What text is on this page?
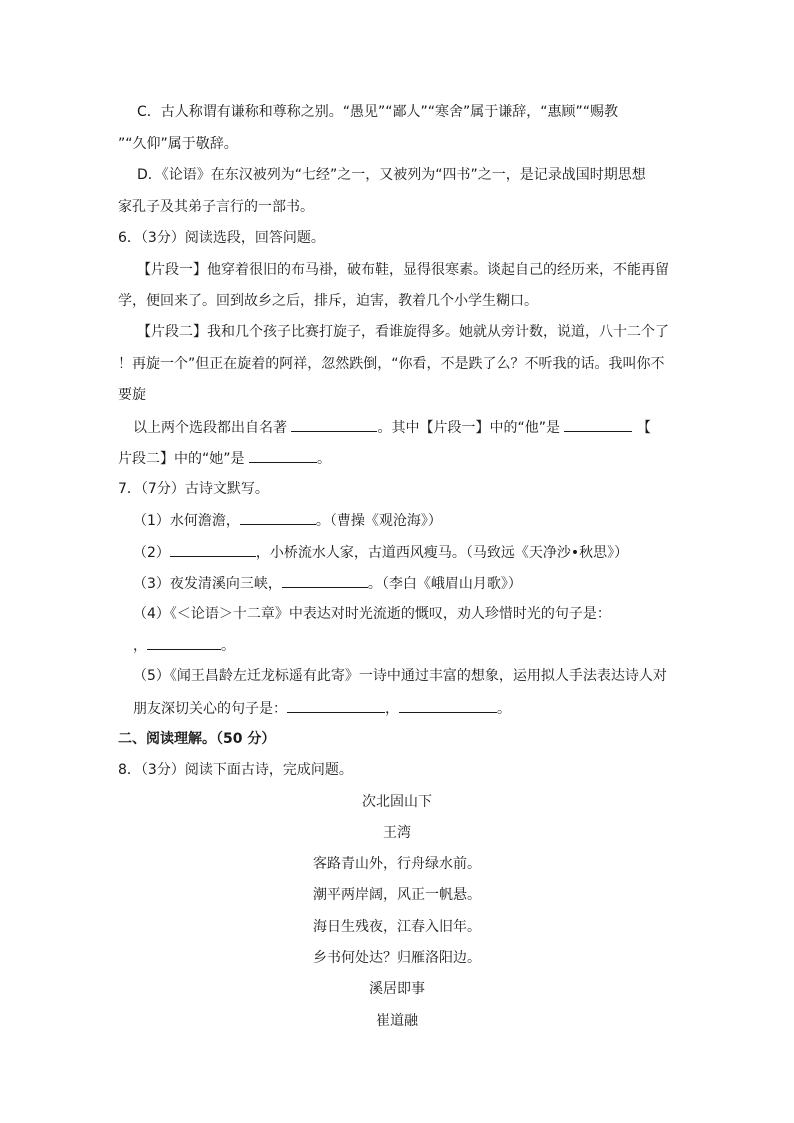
C．古人称谓有谦称和尊称之别。“愚见”“鄙人”“寒舍”属于谦辞，“惠顾”“赐教
”“久仰”属于敬辞。
D．《论语》在东汉被列为“七经”之一，又被列为“四书”之一，是记录战国时期思想
家孔子及其弟子言行的一部书。
6．（3分）阅读选段，回答问题。
【片段一】他穿着很旧的布马褂，破布鞋，显得很寒素。谈起自己的经历来，不能再留
学，便回来了。回到故乡之后，排斥，迫害，教着几个小学生糊口。
【片段二】我和几个孩子比赛打旋子，看谁旋得多。她就从旁计数，说道，八十二个了
！再旋一个”但正在旋着的阿祥，忽然跌倒，“你看，不是跌了么？不听我的话。我叫你不
要旋
以上两个选段都出自名著	。其中【片段一】中的“他”是	【
片段二】中的“她”是	。
7．（7分）古诗文默写。
（1）水何澹澹，	。（曹操《观沧海》）
（2）	，小桥流水人家，古道西风瘦马。（马致远《天净沙•秋思》）
（3）夜发清溪向三峡，	。（李白《峨眉山月歌》）
（4）《＜论语＞十二章》中表达对时光流逝的慨叹，劝人珍惜时光的句子是：
，	。
（5）《闻王昌龄左迁龙标遥有此寄》一诗中通过丰富的想象，运用拟人手法表达诗人对
朋友深切关心的句子是：	，	。
二、阅读理解。（50 分）
8．（3分）阅读下面古诗，完成问题。
次北固山下
王湾
客路青山外，行舟绿水前。
潮平两岸阔，风正一帆悬。
海日生残夜，江春入旧年。
乡书何处达？归雁洛阳边。
溪居即事
崔道融
